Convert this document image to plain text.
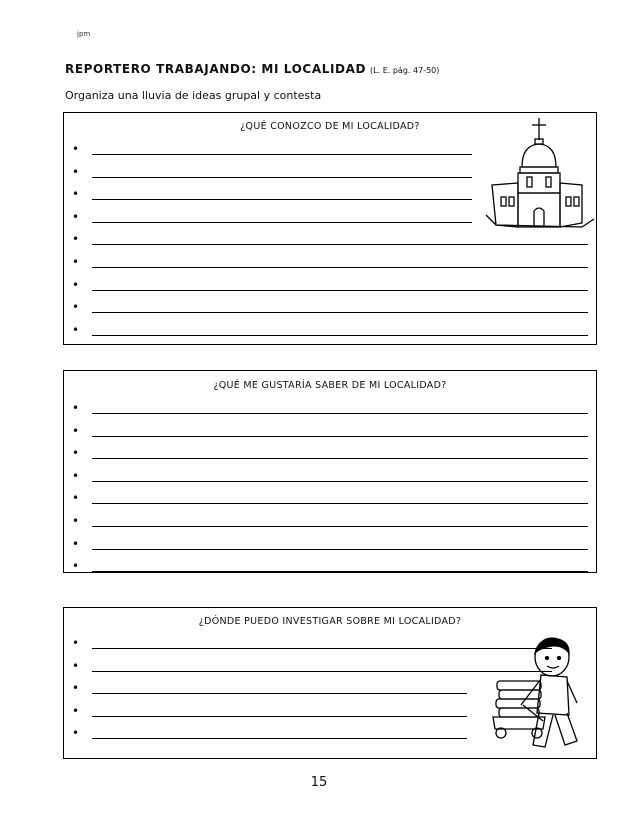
jpm
REPORTERO TRABAJANDO: MI LOCALIDAD (L. E. pág. 47-50)
Organiza una lluvia de ideas grupal y contesta
¿QUÉ CONOZCO DE MI LOCALIDAD?
•
•
•
•
•
•
•
•
•
¿QUÉ ME GUSTARÍA SABER DE MI LOCALIDAD?
•
•
•
•
•
•
•
•
¿DÓNDE PUEDO INVESTIGAR SOBRE MI LOCALIDAD?
•
•
•
•
•
15
